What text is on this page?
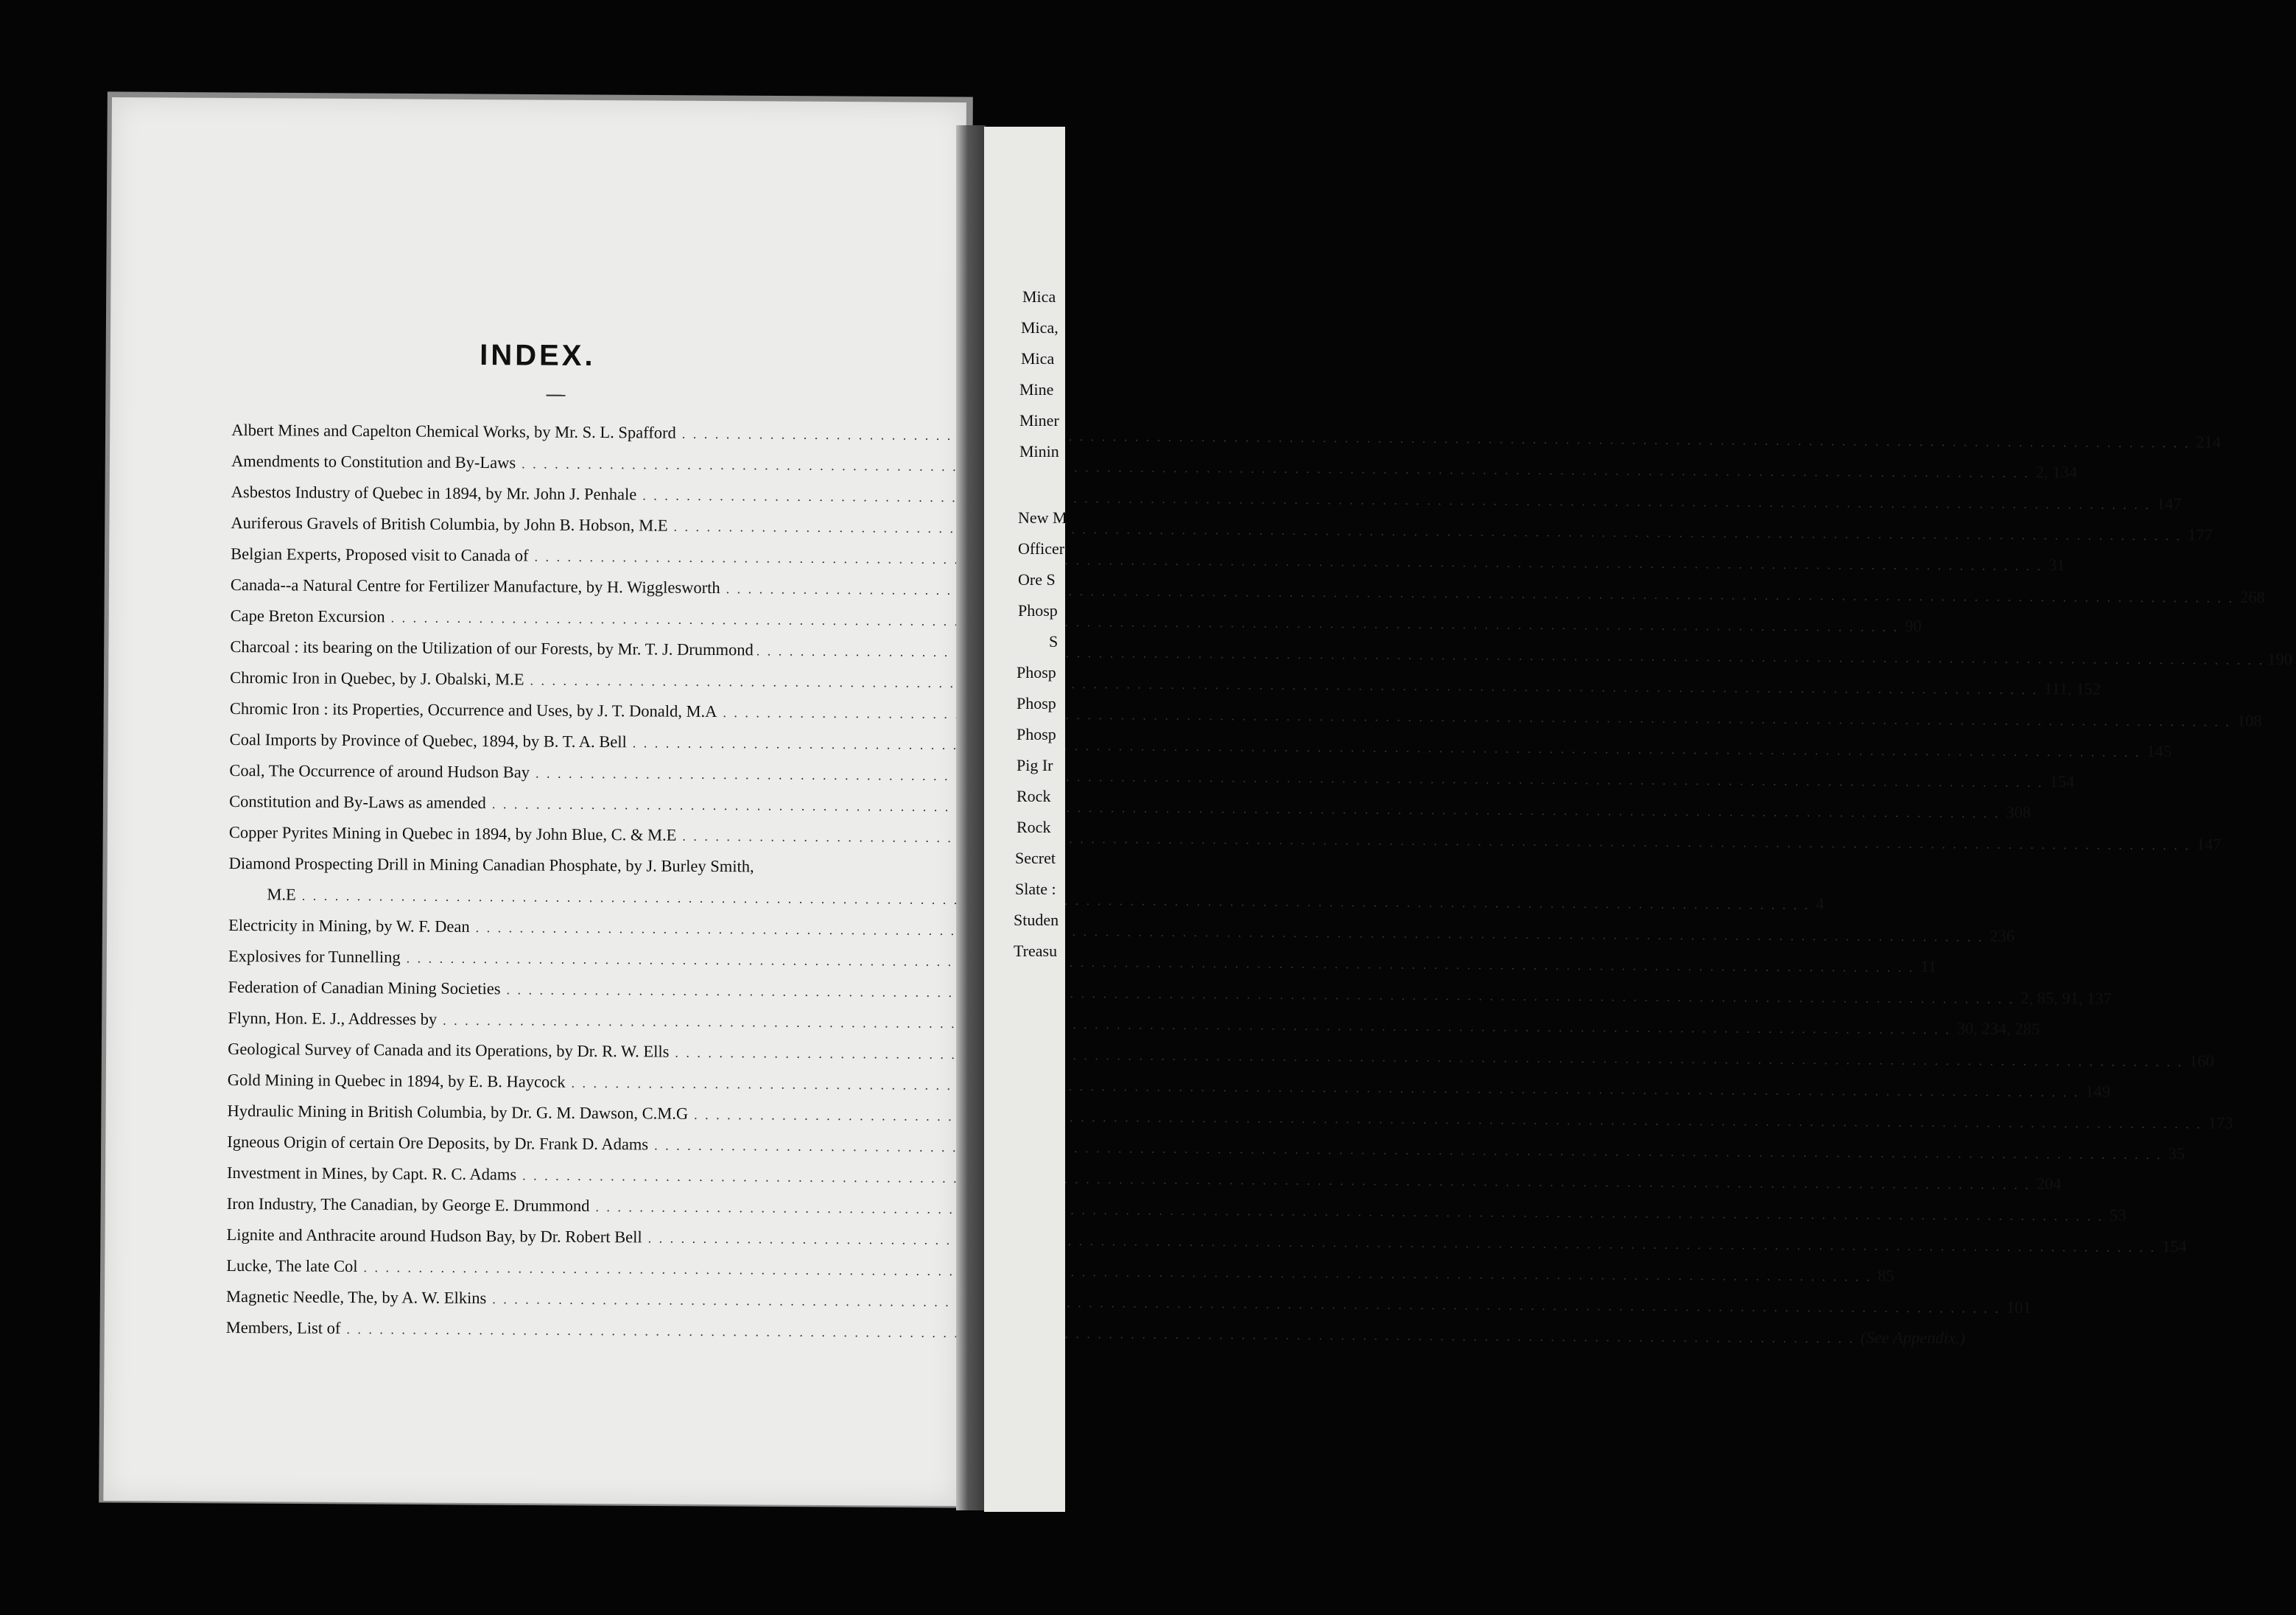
INDEX.
Albert Mines and Capelton Chemical Works, by Mr. S. L. Spafford
. . .
214
Amendments to Constitution and By-Laws
. . .
2, 134
Asbestos Industry of Quebec in 1894, by Mr. John J. Penhale
. . .
147
Auriferous Gravels of British Columbia, by John B. Hobson, M.E
. . .
177
Belgian Experts, Proposed visit to Canada of
. . .
31
Canada--a Natural Centre for Fertilizer Manufacture, by H. Wigglesworth
. . .
268
Cape Breton Excursion
. . .
90
Charcoal : its bearing on the Utilization of our Forests, by Mr. T. J. Drummond
. . .
190
Chromic Iron in Quebec, by J. Obalski, M.E
. . .
111, 152
Chromic Iron : its Properties, Occurrence and Uses, by J. T. Donald, M.A
. . .
108
Coal Imports by Province of Quebec, 1894, by B. T. A. Bell
. . .
145
Coal, The Occurrence of around Hudson Bay
. . .
154
Constitution and By-Laws as amended
. . .
308
Copper Pyrites Mining in Quebec in 1894, by John Blue, C. & M.E
. . .
147
Diamond Prospecting Drill in Mining Canadian Phosphate, by J. Burley Smith,
M.E
. . .
4
Electricity in Mining, by W. F. Dean
. . .
236
Explosives for Tunnelling
. . .
11
Federation of Canadian Mining Societies
. . .
2, 85, 91, 137
Flynn, Hon. E. J., Addresses by
. . .
30, 234, 285
Geological Survey of Canada and its Operations, by Dr. R. W. Ells
. . .
160
Gold Mining in Quebec in 1894, by E. B. Haycock
. . .
149
Hydraulic Mining in British Columbia, by Dr. G. M. Dawson, C.M.G
. . .
173
Igneous Origin of certain Ore Deposits, by Dr. Frank D. Adams
. . .
35
Investment in Mines, by Capt. R. C. Adams
. . .
204
Iron Industry, The Canadian, by George E. Drummond
. . .
53
Lignite and Anthracite around Hudson Bay, by Dr. Robert Bell
. . .
154
Lucke, The late Col
. . .
85
Magnetic Needle, The, by A. W. Elkins
. . .
101
Members, List of
. . .
(See Appendix.)
Mica
Mica,
Mica
Mine
Miner
Minin
New M
Officer
Ore S
Phosp
S
Phosp
Phosp
Phosp
Pig Ir
Rock
Rock
Secret
Slate :
Studen
Treasu
